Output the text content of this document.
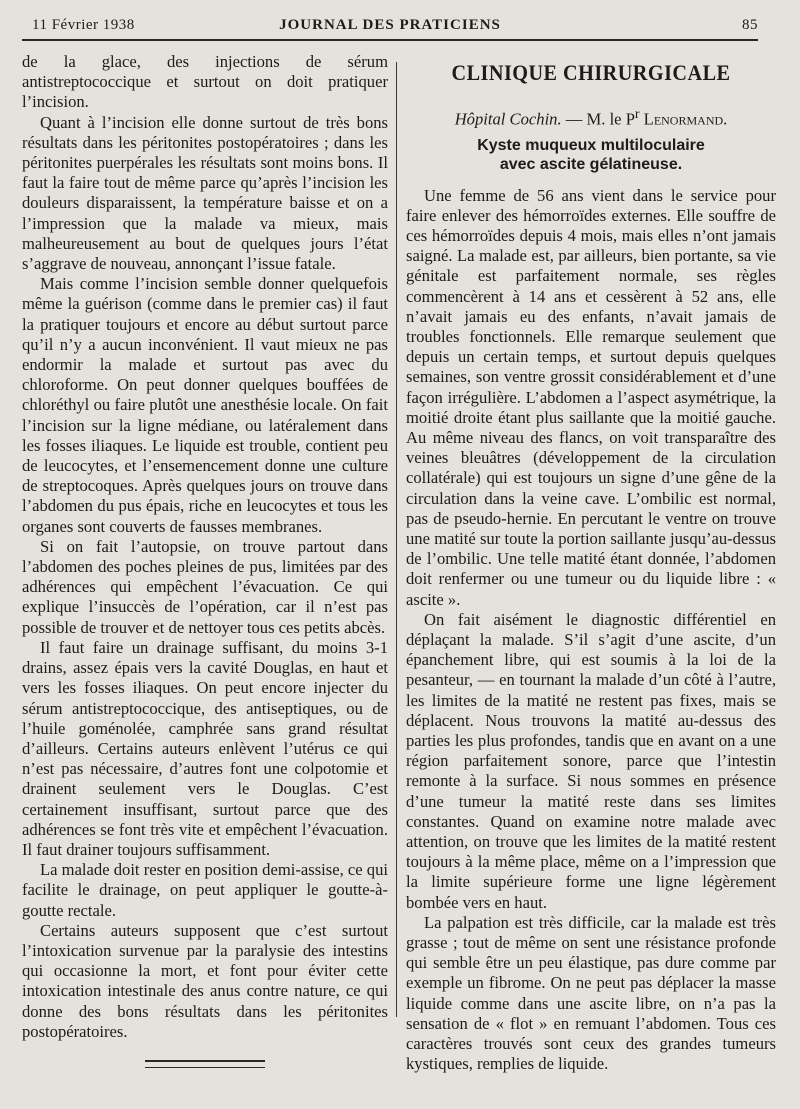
11 Février 1938	JOURNAL DES PRATICIENS	85

de la glace, des injections de sérum antistreptococcique et surtout on doit pratiquer l’incision.

Quant à l’incision elle donne surtout de très bons résultats dans les péritonites postopératoires ; dans les péritonites puerpérales les résultats sont moins bons. Il faut la faire tout de même parce qu’après l’incision les douleurs disparaissent, la température baisse et on a l’impression que la malade va mieux, mais malheureusement au bout de quelques jours l’état s’aggrave de nouveau, annonçant l’issue fatale.

Mais comme l’incision semble donner quelquefois même la guérison (comme dans le premier cas) il faut la pratiquer toujours et encore au début surtout parce qu’il n’y a aucun inconvénient. Il vaut mieux ne pas endormir la malade et surtout pas avec du chloroforme. On peut donner quelques bouffées de chloréthyl ou faire plutôt une anesthésie locale. On fait l’incision sur la ligne médiane, ou latéralement dans les fosses iliaques. Le liquide est trouble, contient peu de leucocytes, et l’ensemencement donne une culture de streptocoques. Après quelques jours on trouve dans l’abdomen du pus épais, riche en leucocytes et tous les organes sont couverts de fausses membranes.

Si on fait l’autopsie, on trouve partout dans l’abdomen des poches pleines de pus, limitées par des adhérences qui empêchent l’évacuation. Ce qui explique l’insuccès de l’opération, car il n’est pas possible de trouver et de nettoyer tous ces petits abcès.

Il faut faire un drainage suffisant, du moins 3-1 drains, assez épais vers la cavité Douglas, en haut et vers les fosses iliaques. On peut encore injecter du sérum antistreptococcique, des antiseptiques, ou de l’huile goménolée, camphrée sans grand résultat d’ailleurs. Certains auteurs enlèvent l’utérus ce qui n’est pas nécessaire, d’autres font une colpotomie et drainent seulement vers le Douglas. C’est certainement insuffisant, surtout parce que des adhérences se font très vite et empêchent l’évacuation. Il faut drainer toujours suffisamment.

La malade doit rester en position demi-assise, ce qui facilite le drainage, on peut appliquer le goutte-à-goutte rectale.

Certains auteurs supposent que c’est surtout l’intoxication survenue par la paralysie des intestins qui occasionne la mort, et font pour éviter cette intoxication intestinale des anus contre nature, ce qui donne des bons résultats dans les péritonites postopératoires.

CLINIQUE CHIRURGICALE
Hôpital Cochin. — M. le $P^r$ Lenormand.
Kyste muqueux multiloculaire
avec ascite gélatineuse.

Une femme de 56 ans vient dans le service pour faire enlever des hémorroïdes externes. Elle souffre de ces hémorroïdes depuis 4 mois, mais elles n’ont jamais saigné. La malade est, par ailleurs, bien portante, sa vie génitale est parfaitement normale, ses règles commencèrent à 14 ans et cessèrent à 52 ans, elle n’avait jamais eu des enfants, n’avait jamais de troubles fonctionnels. Elle remarque seulement que depuis un certain temps, et surtout depuis quelques semaines, son ventre grossit considérablement et d’une façon irrégulière. L’abdomen a l’aspect asymétrique, la moitié droite étant plus saillante que la moitié gauche. Au même niveau des flancs, on voit transparaître des veines bleuâtres (développement de la circulation collatérale) qui est toujours un signe d’une gêne de la circulation dans la veine cave. L’ombilic est normal, pas de pseudo-hernie. En percutant le ventre on trouve une matité sur toute la portion saillante jusqu’au-dessus de l’ombilic. Une telle matité étant donnée, l’abdomen doit renfermer ou une tumeur ou du liquide libre : « ascite ».

On fait aisément le diagnostic différentiel en déplaçant la malade. S’il s’agit d’une ascite, d’un épanchement libre, qui est soumis à la loi de la pesanteur, — en tournant la malade d’un côté à l’autre, les limites de la matité ne restent pas fixes, mais se déplacent. Nous trouvons la matité au-dessus des parties les plus profondes, tandis que en avant on a une région parfaitement sonore, parce que l’intestin remonte à la surface. Si nous sommes en présence d’une tumeur la matité reste dans ses limites constantes. Quand on examine notre malade avec attention, on trouve que les limites de la matité restent toujours à la même place, même on a l’impression que la limite supérieure forme une ligne légèrement bombée vers en haut.

La palpation est très difficile, car la malade est très grasse ; tout de même on sent une résistance profonde qui semble être un peu élastique, pas dure comme par exemple un fibrome. On ne peut pas déplacer la masse liquide comme dans une ascite libre, on n’a pas la sensation de « flot » en remuant l’abdomen. Tous ces caractères trouvés sont ceux des grandes tumeurs kystiques, remplies de liquide.
